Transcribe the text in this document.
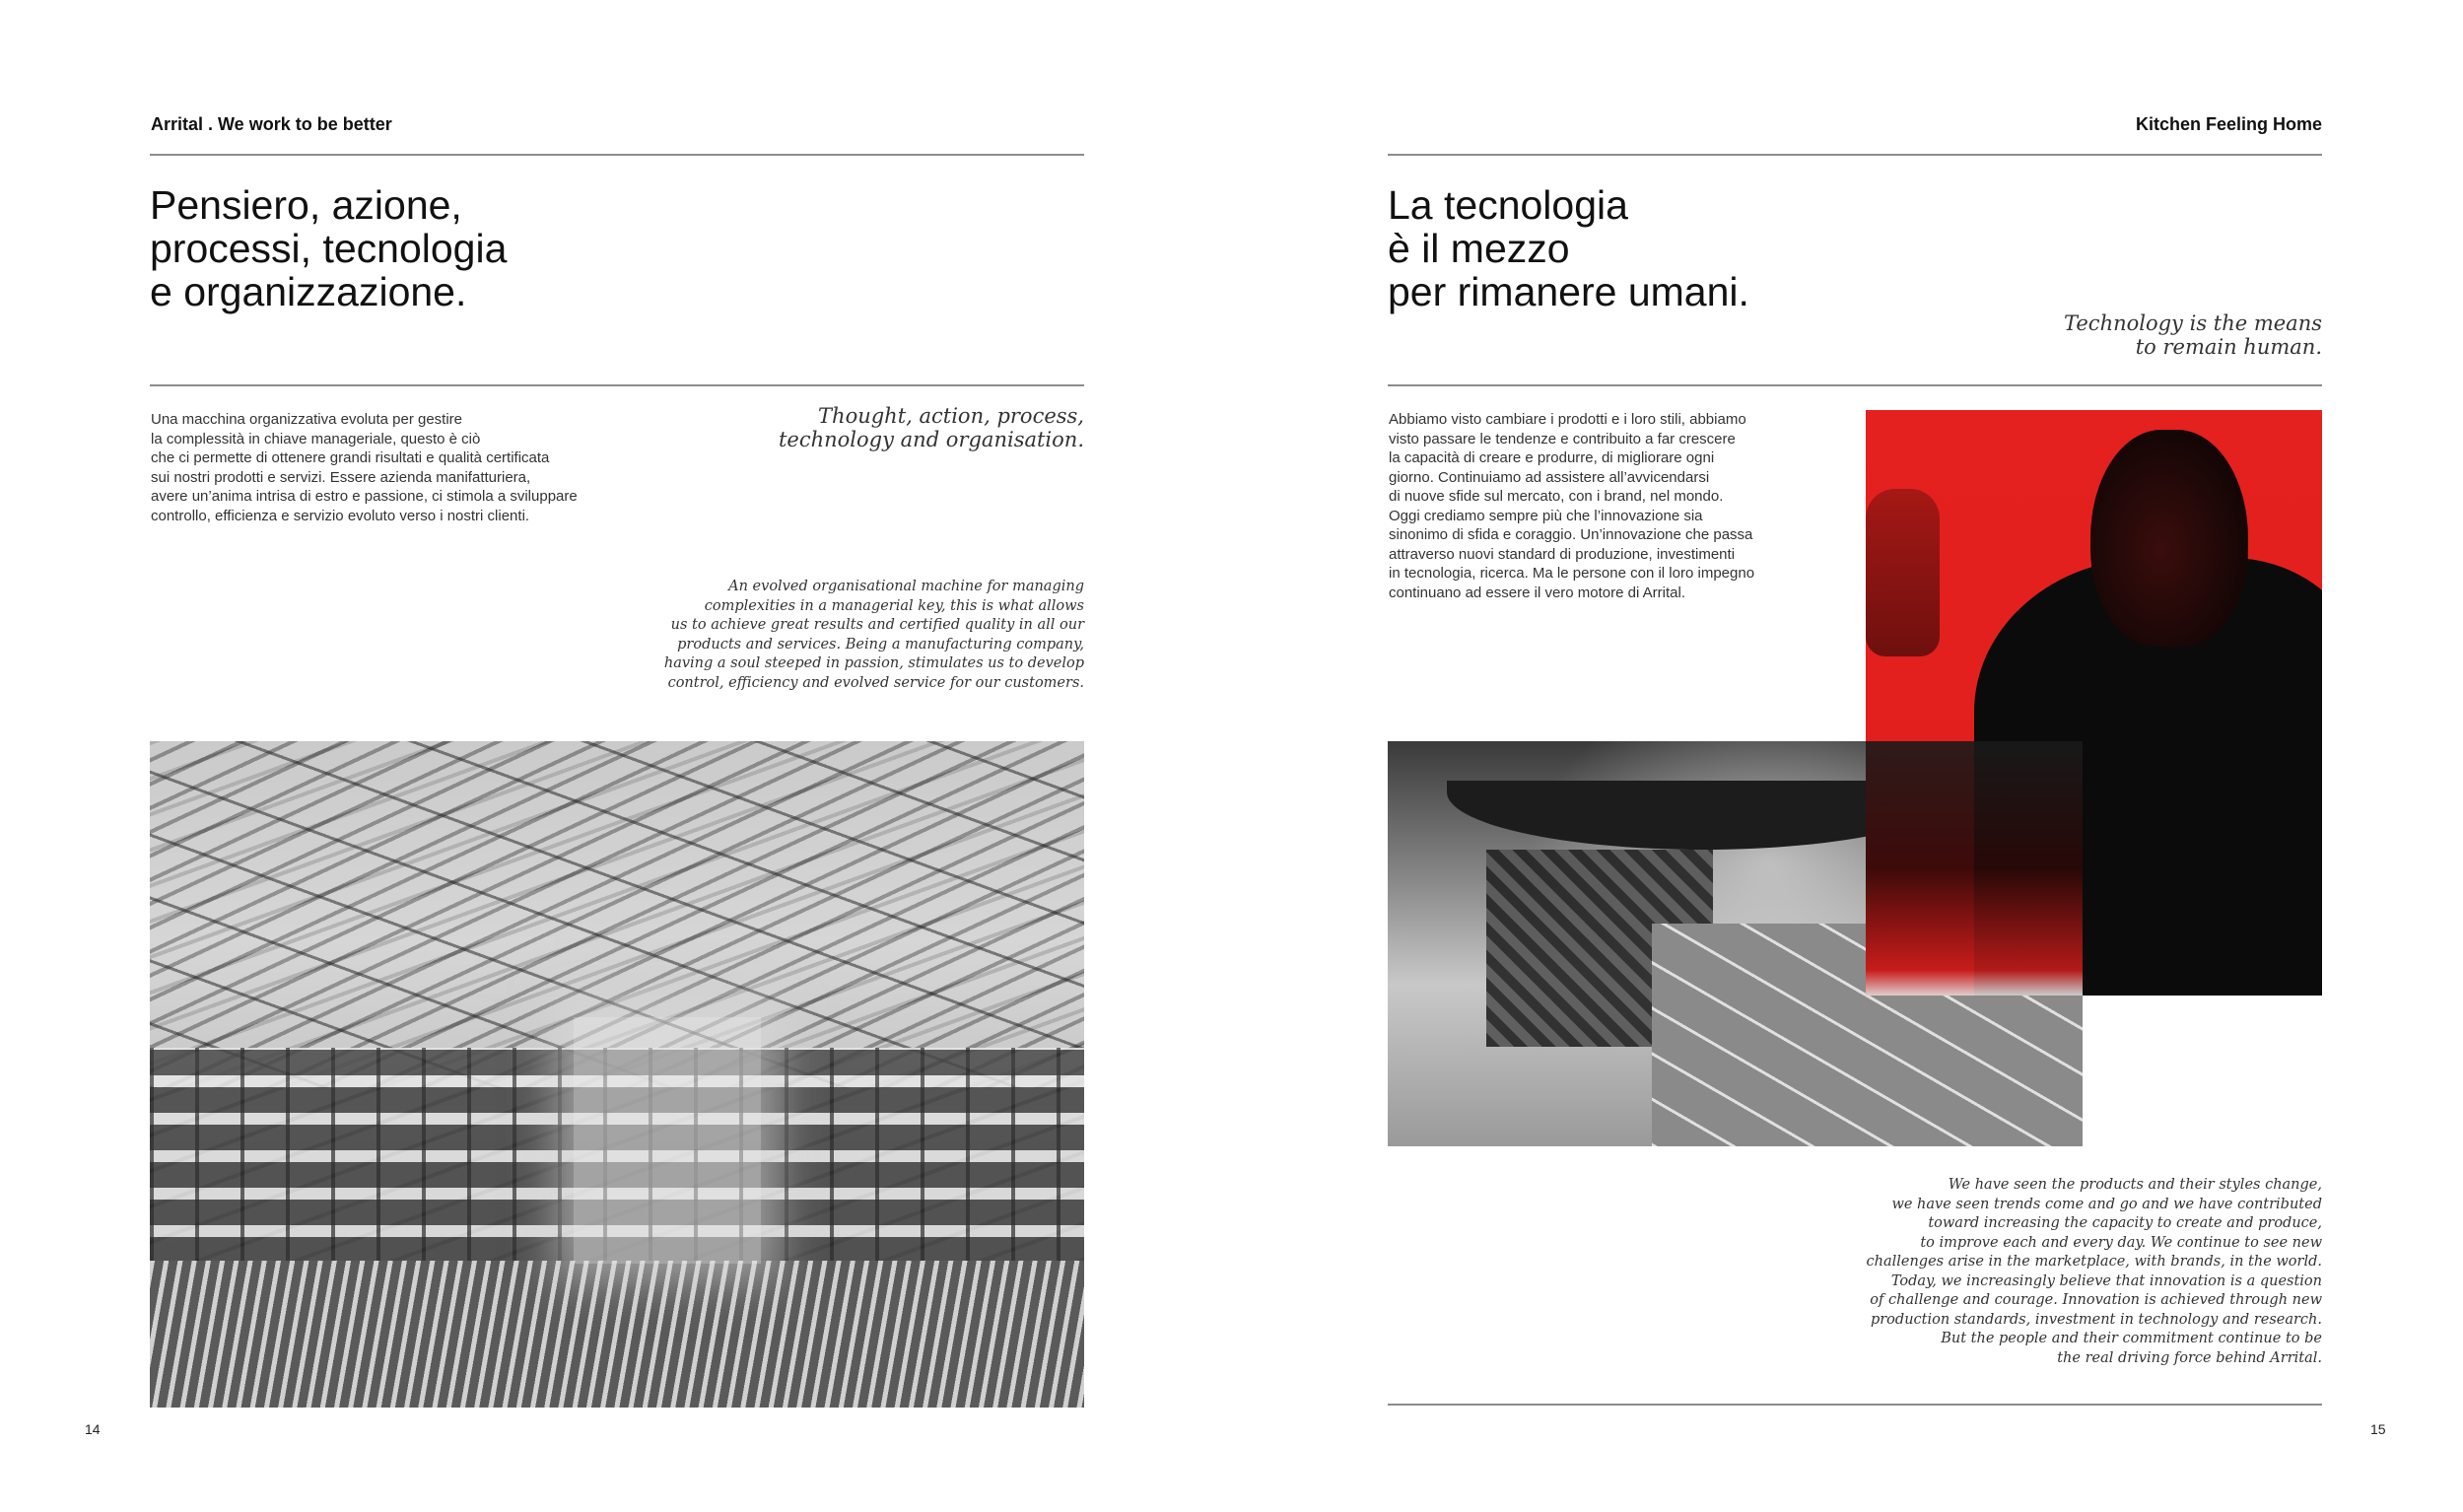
Arrital . We work to be better
Pensiero, azione,
processi, tecnologia
e organizzazione.
Una macchina organizzativa evoluta per gestire
la complessità in chiave manageriale, questo è ciò
che ci permette di ottenere grandi risultati e qualità certificata
sui nostri prodotti e servizi. Essere azienda manifatturiera,
avere un’anima intrisa di estro e passione, ci stimola a sviluppare
controllo, efficienza e servizio evoluto verso i nostri clienti.
Thought, action, process,
technology and organisation.
An evolved organisational machine for managing
complexities in a managerial key, this is what allows
us to achieve great results and certified quality in all our
products and services. Being a manufacturing company,
having a soul steeped in passion, stimulates us to develop
control, efficiency and evolved service for our customers.
14
Kitchen Feeling Home
La tecnologia
è il mezzo
per rimanere umani.
Technology is the means
to remain human.
Abbiamo visto cambiare i prodotti e i loro stili, abbiamo
visto passare le tendenze e contribuito a far crescere
la capacità di creare e produrre, di migliorare ogni
giorno. Continuiamo ad assistere all’avvicendarsi
di nuove sfide sul mercato, con i brand, nel mondo.
Oggi crediamo sempre più che l’innovazione sia
sinonimo di sfida e coraggio. Un’innovazione che passa
attraverso nuovi standard di produzione, investimenti
in tecnologia, ricerca. Ma le persone con il loro impegno
continuano ad essere il vero motore di Arrital.
We have seen the products and their styles change,
we have seen trends come and go and we have contributed
toward increasing the capacity to create and produce,
to improve each and every day. We continue to see new
challenges arise in the marketplace, with brands, in the world.
Today, we increasingly believe that innovation is a question
of challenge and courage. Innovation is achieved through new
production standards, investment in technology and research.
But the people and their commitment continue to be
the real driving force behind Arrital.
15
